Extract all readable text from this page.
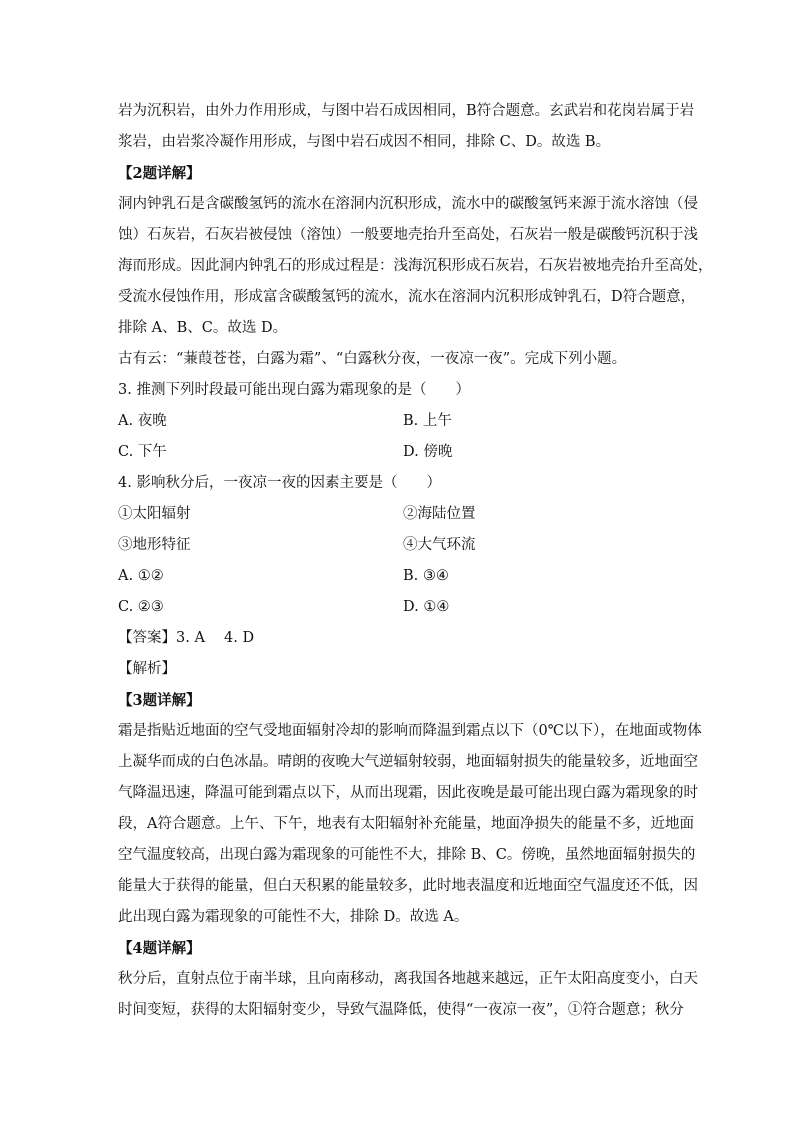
岩为沉积岩，由外力作用形成，与图中岩石成因相同，B符合题意。玄武岩和花岗岩属于岩
浆岩，由岩浆冷凝作用形成，与图中岩石成因不相同，排除 C、D。故选 B。
【2题详解】
洞内钟乳石是含碳酸氢钙的流水在溶洞内沉积形成，流水中的碳酸氢钙来源于流水溶蚀（侵
蚀）石灰岩，石灰岩被侵蚀（溶蚀）一般要地壳抬升至高处，石灰岩一般是碳酸钙沉积于浅
海而形成。因此洞内钟乳石的形成过程是：浅海沉积形成石灰岩，石灰岩被地壳抬升至高处，
受流水侵蚀作用，形成富含碳酸氢钙的流水，流水在溶洞内沉积形成钟乳石，D符合题意，
排除 A、B、C。故选 D。
古有云：“蒹葭苍苍，白露为霜”、“白露秋分夜，一夜凉一夜”。完成下列小题。
3. 推测下列时段最可能出现白露为霜现象的是（　　）
A. 夜晚	B. 上午
C. 下午	D. 傍晚
4. 影响秋分后，一夜凉一夜的因素主要是（　　）
①太阳辐射	②海陆位置
③地形特征	④大气环流
A. ①②	B. ③④
C. ②③	D. ①④
【答案】3. A　 4. D
【解析】
【3题详解】
霜是指贴近地面的空气受地面辐射冷却的影响而降温到霜点以下（0℃以下），在地面或物体
上凝华而成的白色冰晶。晴朗的夜晚大气逆辐射较弱，地面辐射损失的能量较多，近地面空
气降温迅速，降温可能到霜点以下，从而出现霜，因此夜晚是最可能出现白露为霜现象的时
段，A符合题意。上午、下午，地表有太阳辐射补充能量，地面净损失的能量不多，近地面
空气温度较高，出现白露为霜现象的可能性不大，排除 B、C。傍晚，虽然地面辐射损失的
能量大于获得的能量，但白天积累的能量较多，此时地表温度和近地面空气温度还不低，因
此出现白露为霜现象的可能性不大，排除 D。故选 A。
【4题详解】
秋分后，直射点位于南半球，且向南移动，离我国各地越来越远，正午太阳高度变小，白天
时间变短，获得的太阳辐射变少，导致气温降低，使得“一夜凉一夜”，①符合题意；秋分
